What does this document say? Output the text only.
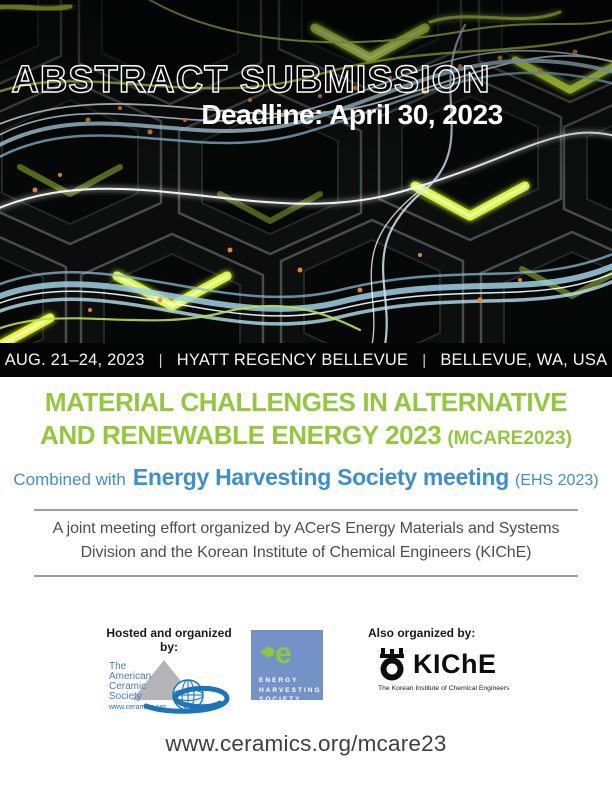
ABSTRACT SUBMISSION
Deadline: April 30, 2023
AUG. 21–24, 2023 | HYATT REGENCY BELLEVUE | BELLEVUE, WA, USA
MATERIAL CHALLENGES IN ALTERNATIVE
AND RENEWABLE ENERGY 2023 (MCARE2023)
Combined with Energy Harvesting Society meeting (EHS 2023)
A joint meeting effort organized by ACerS Energy Materials and Systems
Division and the Korean Institute of Chemical Engineers (KIChE)
Hosted and organized by:
The
American
Ceramic
Society
www.ceramics.org
e
ENERGY
HARVESTING
SOCIETY
Also organized by:
KIChE
The Korean Institute of Chemical Engineers
www.ceramics.org/mcare23
